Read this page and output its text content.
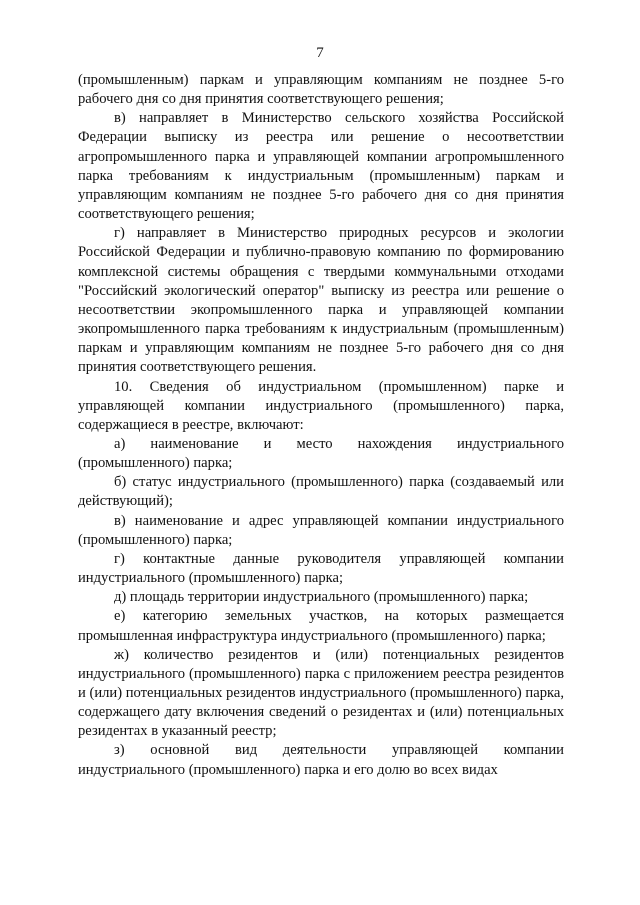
7

(промышленным) паркам и управляющим компаниям не позднее 5-го рабочего дня со дня принятия соответствующего решения;

в) направляет в Министерство сельского хозяйства Российской Федерации выписку из реестра или решение о несоответствии агропромышленного парка и управляющей компании агропромышленного парка требованиям к индустриальным (промышленным) паркам и управляющим компаниям не позднее 5-го рабочего дня со дня принятия соответствующего решения;

г) направляет в Министерство природных ресурсов и экологии Российской Федерации и публично-правовую компанию по формированию комплексной системы обращения с твердыми коммунальными отходами "Российский экологический оператор" выписку из реестра или решение о несоответствии экопромышленного парка и управляющей компании экопромышленного парка требованиям к индустриальным (промышленным) паркам и управляющим компаниям не позднее 5-го рабочего дня со дня принятия соответствующего решения.

10. Сведения об индустриальном (промышленном) парке и управляющей компании индустриального (промышленного) парка, содержащиеся в реестре, включают:

а) наименование и место нахождения индустриального (промышленного) парка;

б) статус индустриального (промышленного) парка (создаваемый или действующий);

в) наименование и адрес управляющей компании индустриального (промышленного) парка;

г) контактные данные руководителя управляющей компании индустриального (промышленного) парка;

д) площадь территории индустриального (промышленного) парка;

е) категорию земельных участков, на которых размещается промышленная инфраструктура индустриального (промышленного) парка;

ж) количество резидентов и (или) потенциальных резидентов индустриального (промышленного) парка с приложением реестра резидентов и (или) потенциальных резидентов индустриального (промышленного) парка, содержащего дату включения сведений о резидентах и (или) потенциальных резидентах в указанный реестр;

з) основной вид деятельности управляющей компании индустриального (промышленного) парка и его долю во всех видах
